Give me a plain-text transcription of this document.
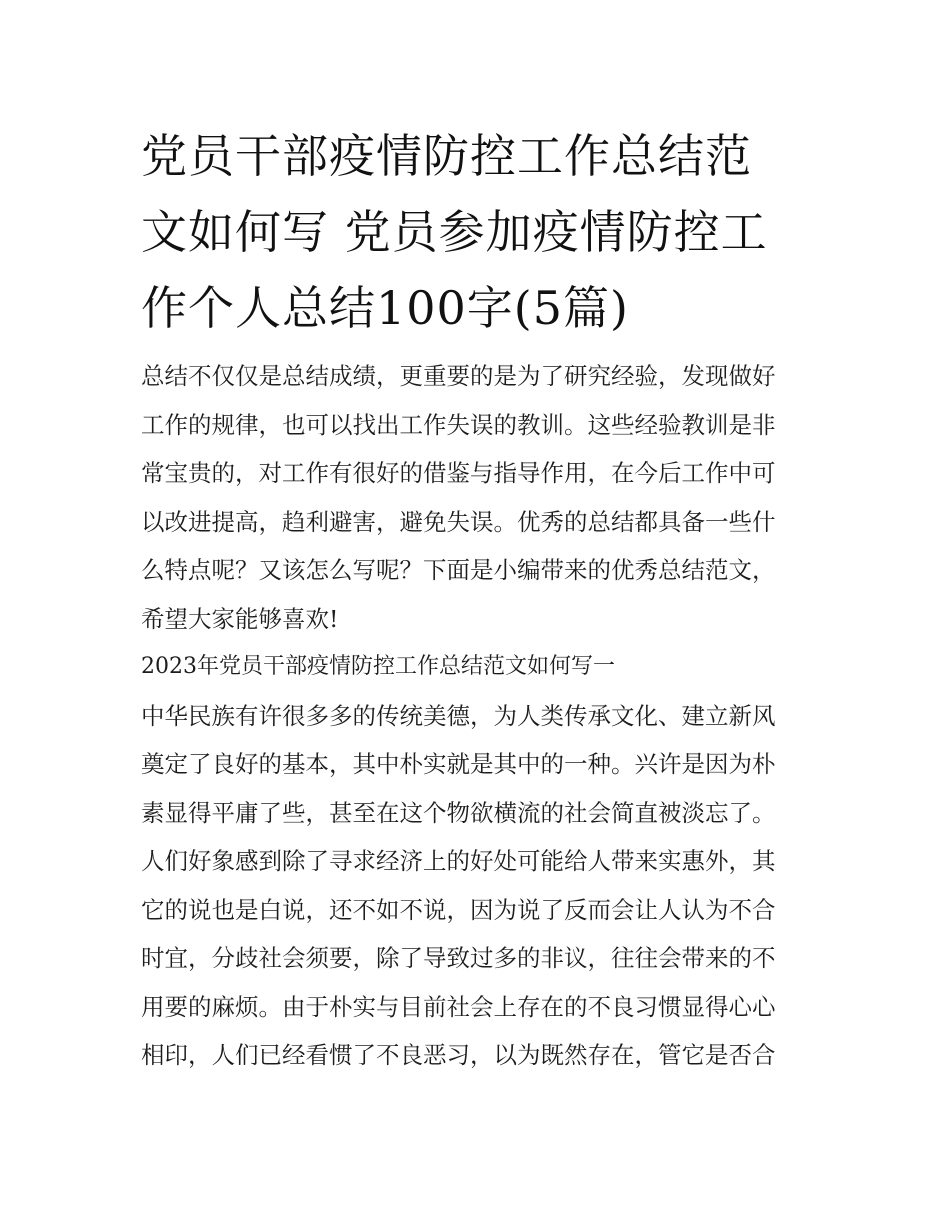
党员干部疫情防控工作总结范
文如何写 党员参加疫情防控工
作个人总结100字(5篇)
总结不仅仅是总结成绩，更重要的是为了研究经验，发现做好
工作的规律，也可以找出工作失误的教训。这些经验教训是非
常宝贵的，对工作有很好的借鉴与指导作用，在今后工作中可
以改进提高，趋利避害，避免失误。优秀的总结都具备一些什
么特点呢？又该怎么写呢？下面是小编带来的优秀总结范文，
希望大家能够喜欢!
2023年党员干部疫情防控工作总结范文如何写一
中华民族有许很多多的传统美德，为人类传承文化、建立新风
奠定了良好的基本，其中朴实就是其中的一种。兴许是因为朴
素显得平庸了些，甚至在这个物欲横流的社会简直被淡忘了。
人们好象感到除了寻求经济上的好处可能给人带来实惠外，其
它的说也是白说，还不如不说，因为说了反而会让人认为不合
时宜，分歧社会须要，除了导致过多的非议，往往会带来的不
用要的麻烦。由于朴实与目前社会上存在的不良习惯显得心心
相印，人们已经看惯了不良恶习，以为既然存在，管它是否合
